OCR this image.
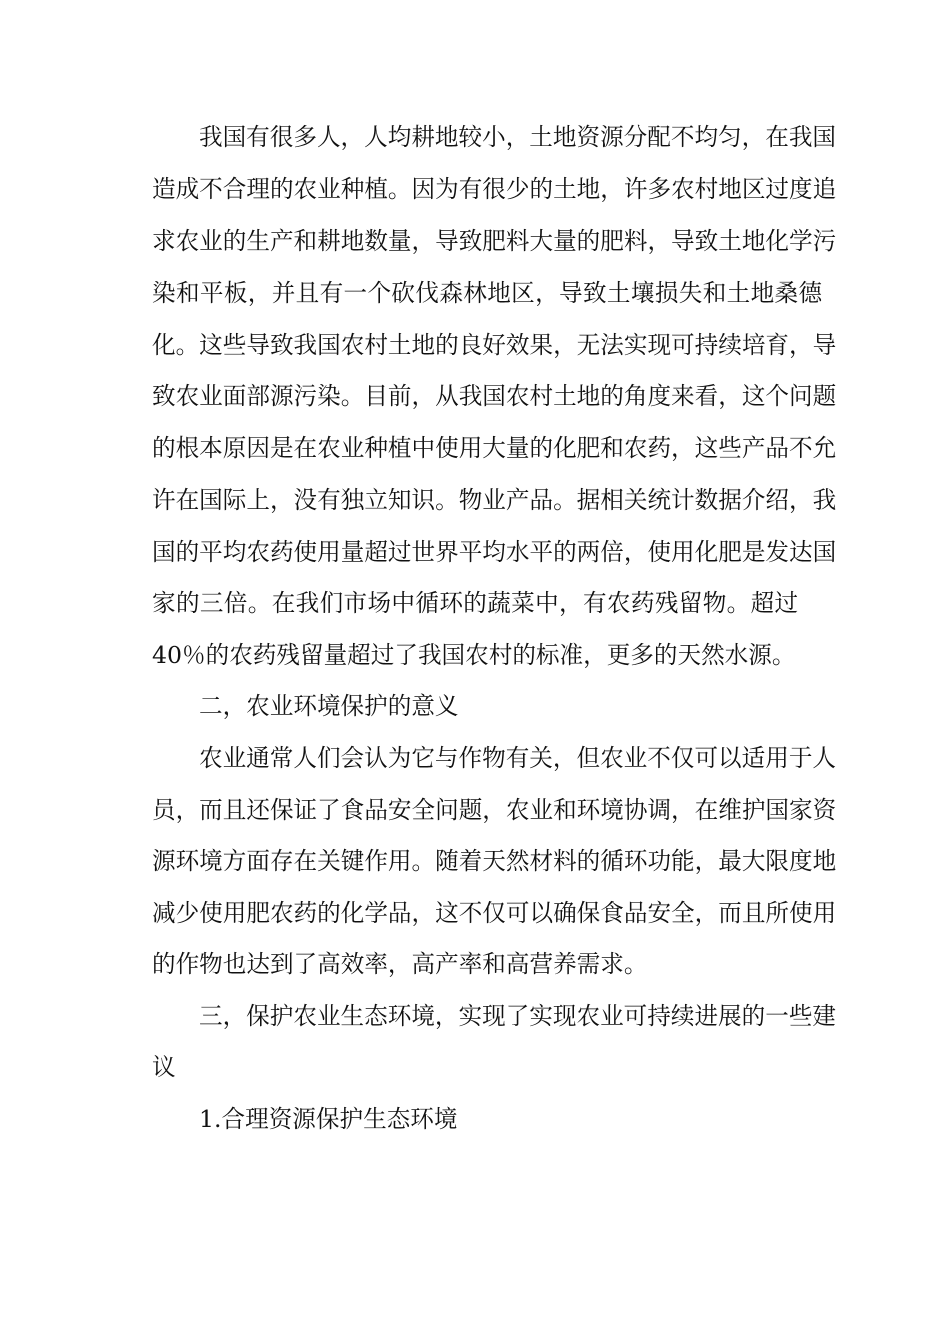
我国有很多人，人均耕地较小，土地资源分配不均匀，在我国
造成不合理的农业种植。因为有很少的土地，许多农村地区过度追
求农业的生产和耕地数量，导致肥料大量的肥料，导致土地化学污
染和平板，并且有一个砍伐森林地区，导致土壤损失和土地桑德
化。这些导致我国农村土地的良好效果，无法实现可持续培育，导
致农业面部源污染。目前，从我国农村土地的角度来看，这个问题
的根本原因是在农业种植中使用大量的化肥和农药，这些产品不允
许在国际上，没有独立知识。物业产品。据相关统计数据介绍，我
国的平均农药使用量超过世界平均水平的两倍，使用化肥是发达国
家的三倍。在我们市场中循环的蔬菜中，有农药残留物。超过
40％的农药残留量超过了我国农村的标准，更多的天然水源。
二，农业环境保护的意义
农业通常人们会认为它与作物有关，但农业不仅可以适用于人
员，而且还保证了食品安全问题，农业和环境协调，在维护国家资
源环境方面存在关键作用。随着天然材料的循环功能，最大限度地
减少使用肥农药的化学品，这不仅可以确保食品安全，而且所使用
的作物也达到了高效率，高产率和高营养需求。
三，保护农业生态环境，实现了实现农业可持续进展的一些建
议
1.合理资源保护生态环境
